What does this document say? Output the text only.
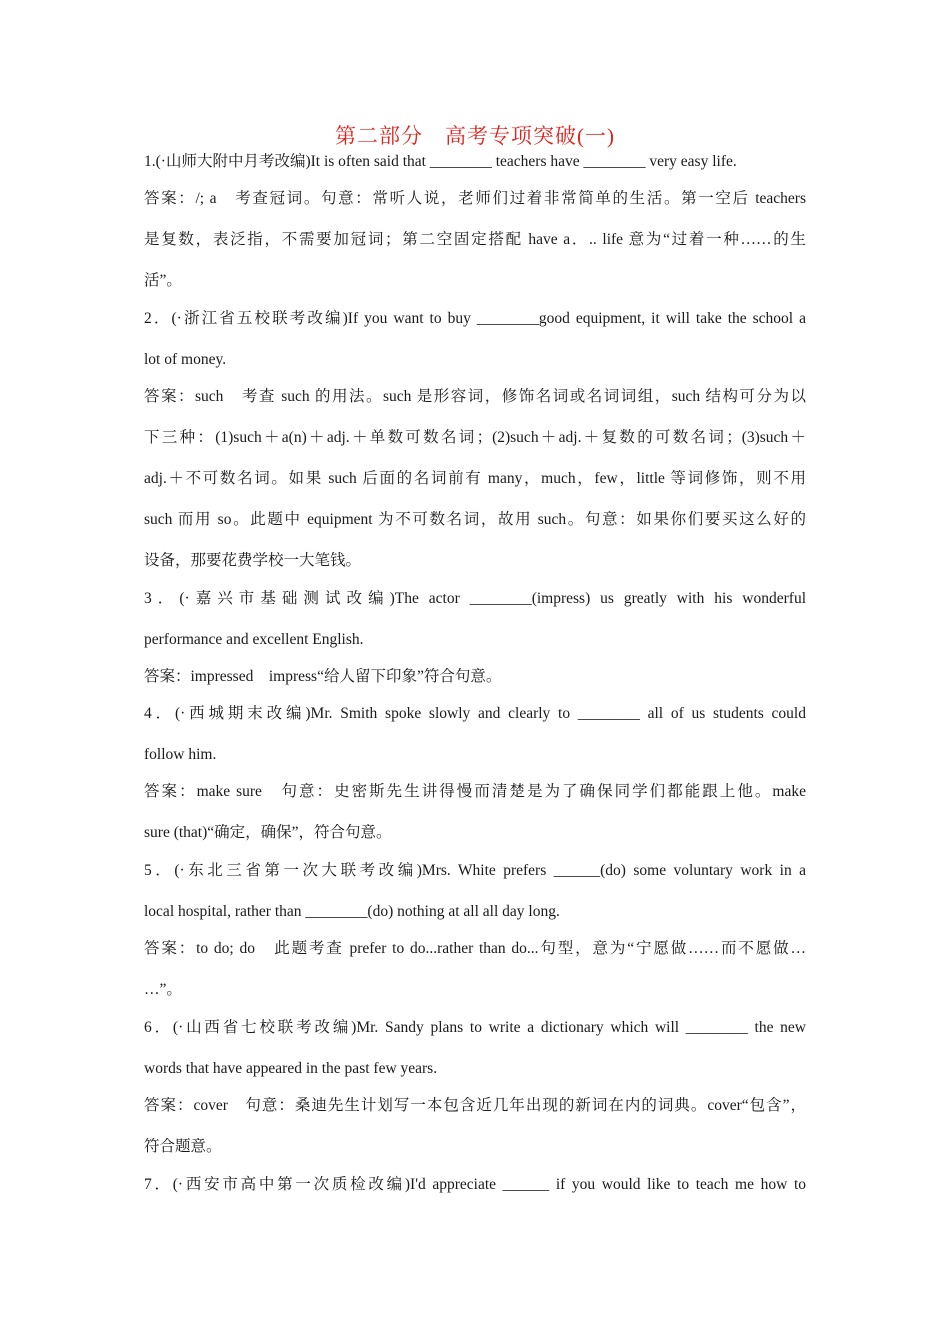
第二部分　高考专项突破(一)
1.(·山师大附中月考改编)It is often said that ________ teachers have ________ very easy life.
答案：/; a　考查冠词。句意：常听人说，老师们过着非常简单的生活。第一空后 teachers
是复数，表泛指，不需要加冠词；第二空固定搭配 have a．.. life 意为“过着一种……的生
活”。
2．(·浙江省五校联考改编)If you want to buy ________good equipment, it will take the school a
lot of money.
答案：such　考查 such 的用法。such 是形容词，修饰名词或名词词组，such 结构可分为以
下三种：(1)such＋a(n)＋adj.＋单数可数名词；(2)such＋adj.＋复数的可数名词；(3)such＋
adj.＋不可数名词。如果 such 后面的名词前有 many，much，few，little 等词修饰，则不用
such 而用 so。此题中 equipment 为不可数名词，故用 such。句意：如果你们要买这么好的
设备，那要花费学校一大笔钱。
3．(·嘉兴市基础测试改编)The actor ________(impress) us greatly with his wonderful
performance and excellent English.
答案：impressed　impress“给人留下印象”符合句意。
4．(·西城期末改编)Mr. Smith spoke slowly and clearly to ________ all of us students could
follow him.
答案：make sure　句意：史密斯先生讲得慢而清楚是为了确保同学们都能跟上他。make
sure (that)“确定，确保”，符合句意。
5．(·东北三省第一次大联考改编)Mrs. White prefers ______(do) some voluntary work in a
local hospital, rather than ________(do) nothing at all all day long.
答案：to do; do　此题考查 prefer to do...rather than do...句型，意为“宁愿做……而不愿做…
…”。
6．(·山西省七校联考改编)Mr. Sandy plans to write a dictionary which will ________ the new
words that have appeared in the past few years.
答案：cover　句意：桑迪先生计划写一本包含近几年出现的新词在内的词典。cover“包含”，
符合题意。
7．(·西安市高中第一次质检改编)I'd appreciate ______ if you would like to teach me how to
